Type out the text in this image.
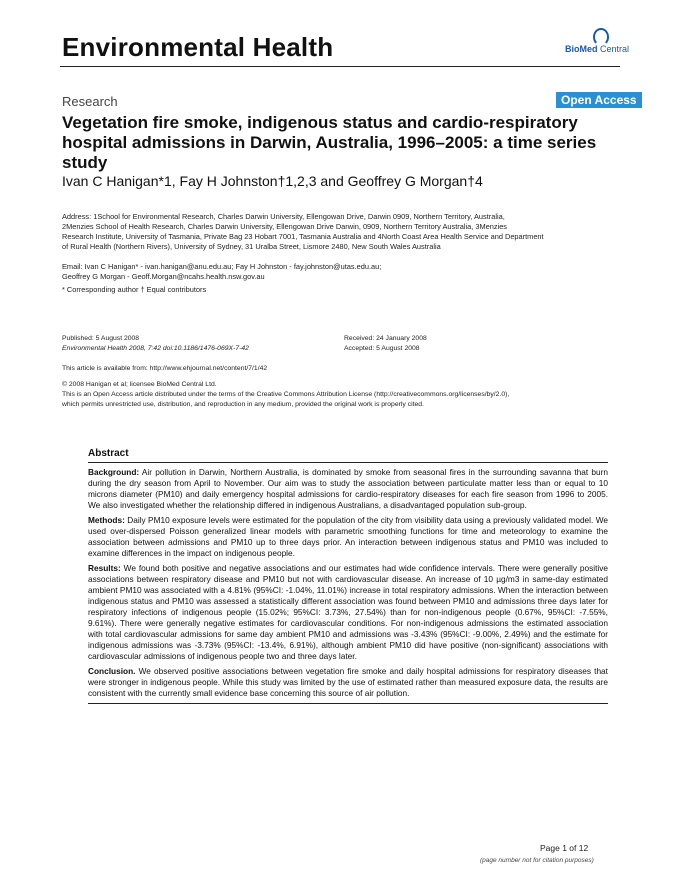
Environmental Health	BioMed Central
Research	Open Access
Vegetation fire smoke, indigenous status and cardio-respiratory hospital admissions in Darwin, Australia, 1996–2005: a time series study
Ivan C Hanigan*1, Fay H Johnston†1,2,3 and Geoffrey G Morgan†4
Address: 1School for Environmental Research, Charles Darwin University, Ellengowan Drive, Darwin 0909, Northern Territory, Australia,
2Menzies School of Health Research, Charles Darwin University, Ellengowan Drive Darwin, 0909, Northern Territory Australia, 3Menzies
Research Institute, University of Tasmania, Private Bag 23 Hobart 7001, Tasmania Australia and 4North Coast Area Health Service and Department
of Rural Health (Northern Rivers), University of Sydney, 31 Uralba Street, Lismore 2480, New South Wales Australia
Email: Ivan C Hanigan* - ivan.hanigan@anu.edu.au; Fay H Johnston - fay.johnston@utas.edu.au;
Geoffrey G Morgan - Geoff.Morgan@ncahs.health.nsw.gov.au
* Corresponding author † Equal contributors
Published: 5 August 2008
Environmental Health 2008, 7:42 doi:10.1186/1476-069X-7-42
Received: 24 January 2008
Accepted: 5 August 2008
This article is available from: http://www.ehjournal.net/content/7/1/42
© 2008 Hanigan et al; licensee BioMed Central Ltd.
This is an Open Access article distributed under the terms of the Creative Commons Attribution License (http://creativecommons.org/licenses/by/2.0),
which permits unrestricted use, distribution, and reproduction in any medium, provided the original work is properly cited.
Abstract
Background: Air pollution in Darwin, Northern Australia, is dominated by smoke from seasonal fires in the surrounding savanna that burn during the dry season from April to November. Our aim was to study the association between particulate matter less than or equal to 10 microns diameter (PM10) and daily emergency hospital admissions for cardio-respiratory diseases for each fire season from 1996 to 2005. We also investigated whether the relationship differed in indigenous Australians, a disadvantaged population sub-group.
Methods: Daily PM10 exposure levels were estimated for the population of the city from visibility data using a previously validated model. We used over-dispersed Poisson generalized linear models with parametric smoothing functions for time and meteorology to examine the association between admissions and PM10 up to three days prior. An interaction between indigenous status and PM10 was included to examine differences in the impact on indigenous people.
Results: We found both positive and negative associations and our estimates had wide confidence intervals. There were generally positive associations between respiratory disease and PM10 but not with cardiovascular disease. An increase of 10 µg/m3 in same-day estimated ambient PM10 was associated with a 4.81% (95%CI: -1.04%, 11.01%) increase in total respiratory admissions. When the interaction between indigenous status and PM10 was assessed a statistically different association was found between PM10 and admissions three days later for respiratory infections of indigenous people (15.02%; 95%CI: 3.73%, 27.54%) than for non-indigenous people (0.67%, 95%CI: -7.55%, 9.61%). There were generally negative estimates for cardiovascular conditions. For non-indigenous admissions the estimated association with total cardiovascular admissions for same day ambient PM10 and admissions was -3.43% (95%CI: -9.00%, 2.49%) and the estimate for indigenous admissions was -3.73% (95%CI: -13.4%, 6.91%), although ambient PM10 did have positive (non-significant) associations with cardiovascular admissions of indigenous people two and three days later.
Conclusion. We observed positive associations between vegetation fire smoke and daily hospital admissions for respiratory diseases that were stronger in indigenous people. While this study was limited by the use of estimated rather than measured exposure data, the results are consistent with the currently small evidence base concerning this source of air pollution.
Page 1 of 12
(page number not for citation purposes)
